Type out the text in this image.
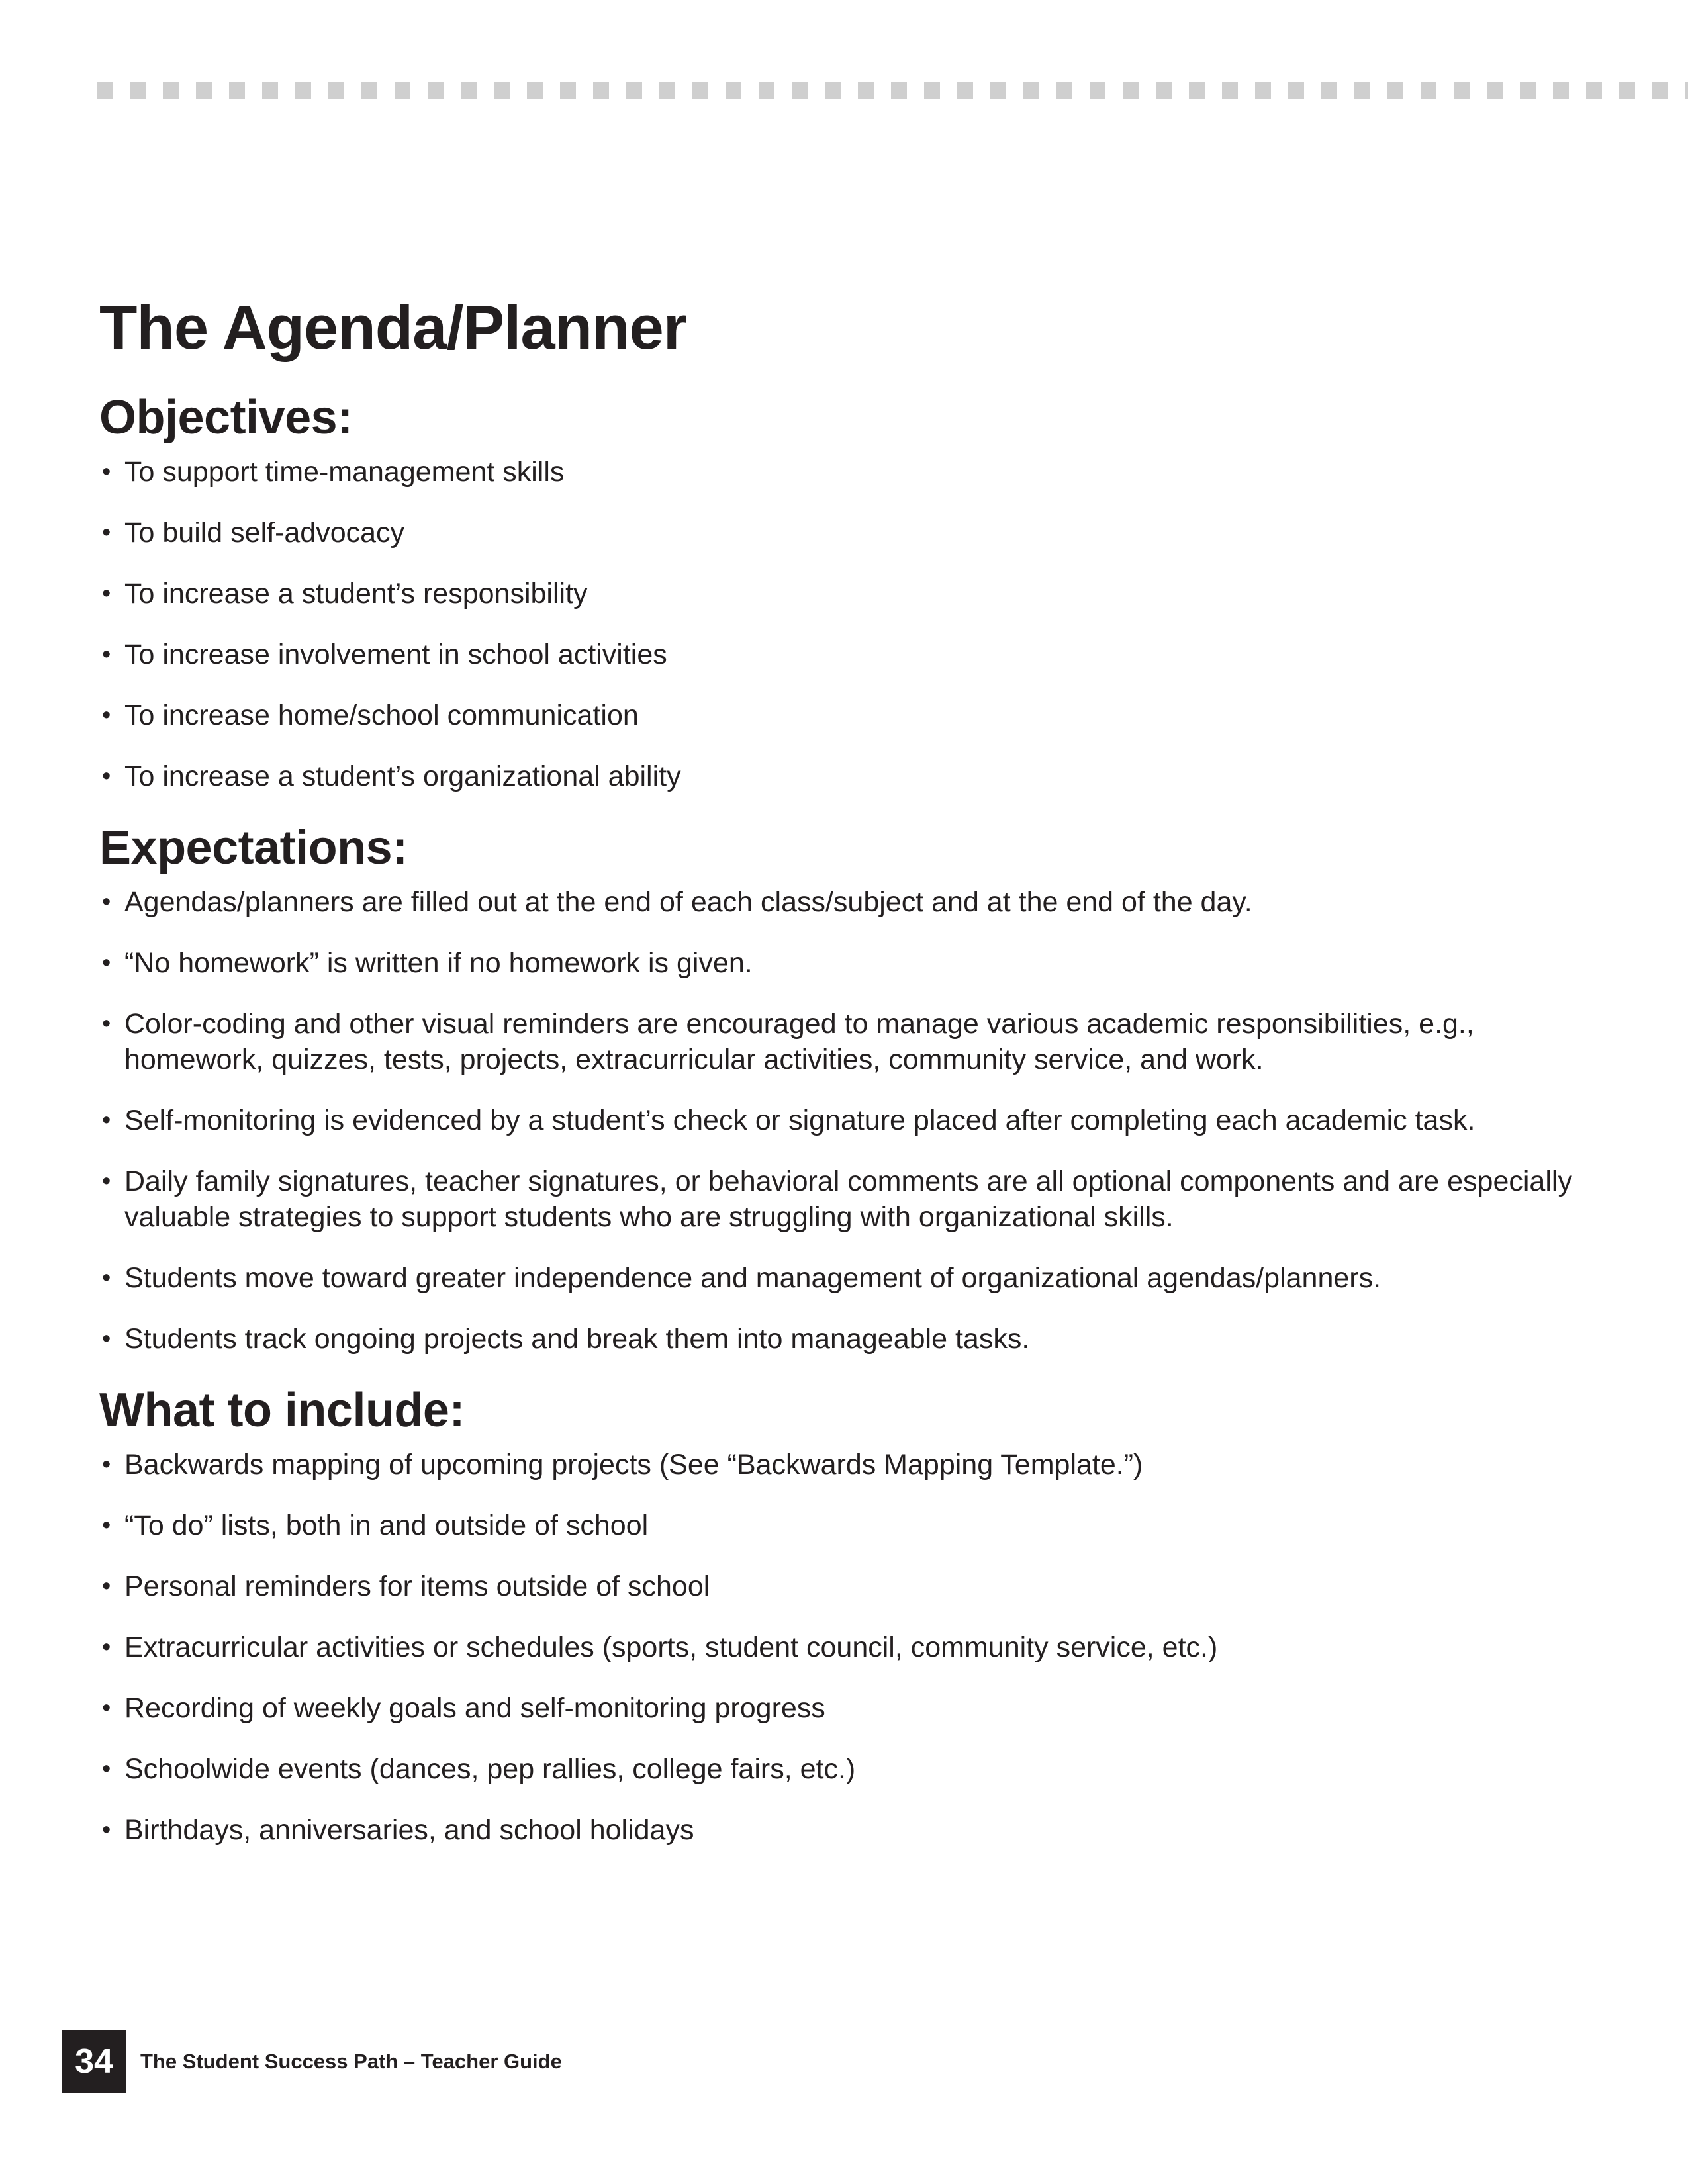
The Agenda/Planner
Objectives:
• To support time-management skills
• To build self-advocacy
• To increase a student’s responsibility
• To increase involvement in school activities
• To increase home/school communication
• To increase a student’s organizational ability
Expectations:
• Agendas/planners are filled out at the end of each class/subject and at the end of the day.
• “No homework” is written if no homework is given.
• Color-coding and other visual reminders are encouraged to manage various academic responsibilities, e.g., homework, quizzes, tests, projects, extracurricular activities, community service, and work.
• Self-monitoring is evidenced by a student’s check or signature placed after completing each academic task.
• Daily family signatures, teacher signatures, or behavioral comments are all optional components and are especially valuable strategies to support students who are struggling with organizational skills.
• Students move toward greater independence and management of organizational agendas/planners.
• Students track ongoing projects and break them into manageable tasks.
What to include:
• Backwards mapping of upcoming projects (See “Backwards Mapping Template.”)
• “To do” lists, both in and outside of school
• Personal reminders for items outside of school
• Extracurricular activities or schedules (sports, student council, community service, etc.)
• Recording of weekly goals and self-monitoring progress
• Schoolwide events (dances, pep rallies, college fairs, etc.)
• Birthdays, anniversaries, and school holidays
34	The Student Success Path – Teacher Guide
